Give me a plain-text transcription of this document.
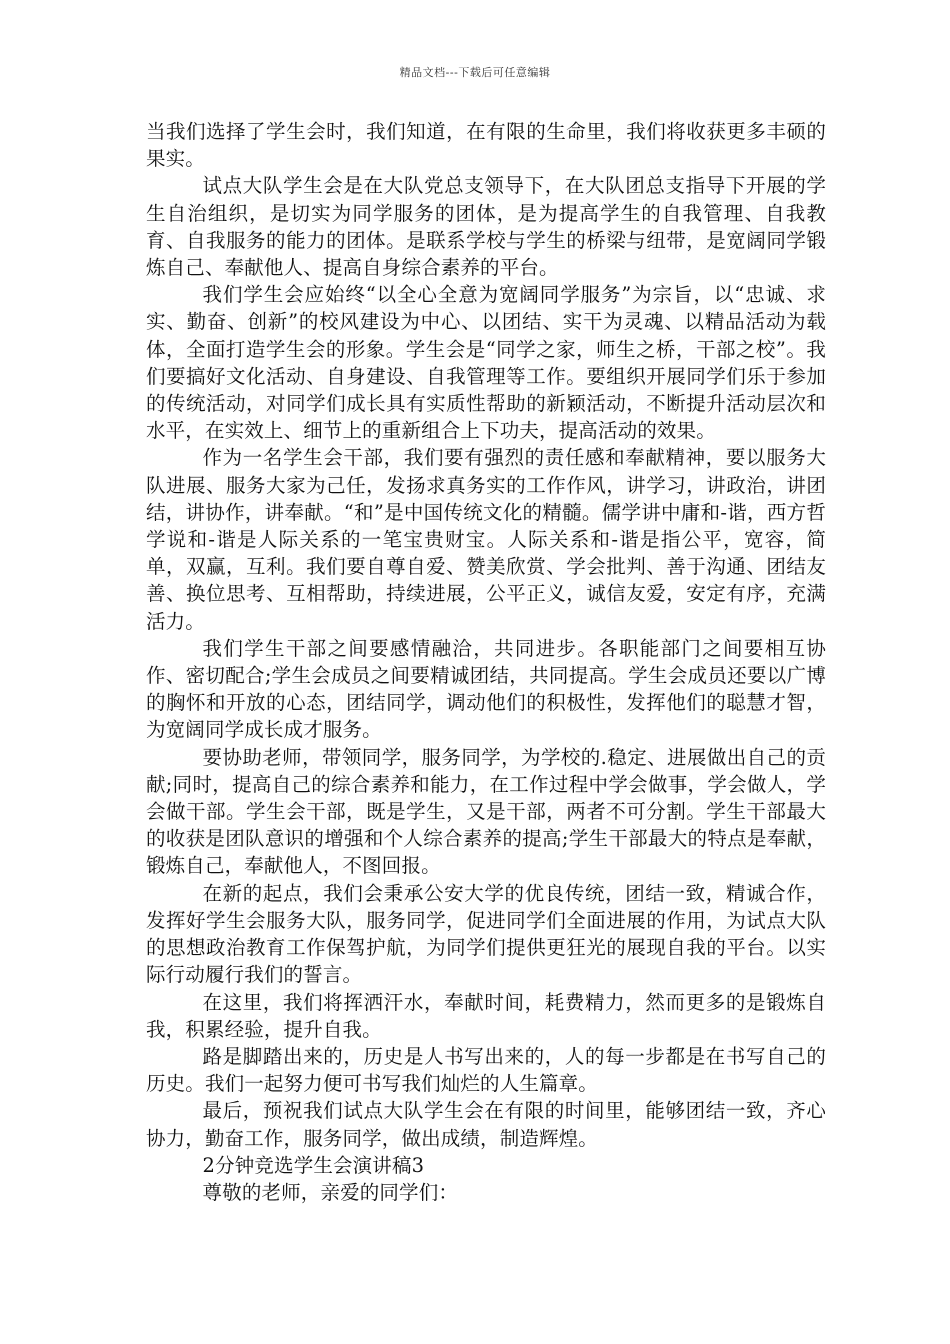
精品文档---下载后可任意编辑

当我们选择了学生会时，我们知道，在有限的生命里，我们将收获更多丰硕的果实。

试点大队学生会是在大队党总支领导下，在大队团总支指导下开展的学生自治组织，是切实为同学服务的团体，是为提高学生的自我管理、自我教育、自我服务的能力的团体。是联系学校与学生的桥梁与纽带，是宽阔同学锻炼自己、奉献他人、提高自身综合素养的平台。

我们学生会应始终“以全心全意为宽阔同学服务”为宗旨，以“忠诚、求实、勤奋、创新”的校风建设为中心、以团结、实干为灵魂、以精品活动为载体，全面打造学生会的形象。学生会是“同学之家，师生之桥，干部之校”。我们要搞好文化活动、自身建设、自我管理等工作。要组织开展同学们乐于参加的传统活动，对同学们成长具有实质性帮助的新颖活动，不断提升活动层次和水平，在实效上、细节上的重新组合上下功夫，提高活动的效果。

作为一名学生会干部，我们要有强烈的责任感和奉献精神，要以服务大队进展、服务大家为己任，发扬求真务实的工作作风，讲学习，讲政治，讲团结，讲协作，讲奉献。“和”是中国传统文化的精髓。儒学讲中庸和-谐，西方哲学说和-谐是人际关系的一笔宝贵财宝。人际关系和-谐是指公平，宽容，简单，双赢，互利。我们要自尊自爱、赞美欣赏、学会批判、善于沟通、团结友善、换位思考、互相帮助，持续进展，公平正义，诚信友爱，安定有序，充满活力。

我们学生干部之间要感情融洽，共同进步。各职能部门之间要相互协作、密切配合;学生会成员之间要精诚团结，共同提高。学生会成员还要以广博的胸怀和开放的心态，团结同学，调动他们的积极性，发挥他们的聪慧才智，为宽阔同学成长成才服务。

要协助老师，带领同学，服务同学，为学校的.稳定、进展做出自己的贡献;同时，提高自己的综合素养和能力，在工作过程中学会做事，学会做人，学会做干部。学生会干部，既是学生，又是干部，两者不可分割。学生干部最大的收获是团队意识的增强和个人综合素养的提高;学生干部最大的特点是奉献，锻炼自己，奉献他人，不图回报。

在新的起点，我们会秉承公安大学的优良传统，团结一致，精诚合作，发挥好学生会服务大队，服务同学，促进同学们全面进展的作用，为试点大队的思想政治教育工作保驾护航，为同学们提供更狂光的展现自我的平台。以实际行动履行我们的誓言。

在这里，我们将挥洒汗水，奉献时间，耗费精力，然而更多的是锻炼自我，积累经验，提升自我。

路是脚踏出来的，历史是人书写出来的，人的每一步都是在书写自己的历史。我们一起努力便可书写我们灿烂的人生篇章。

最后，预祝我们试点大队学生会在有限的时间里，能够团结一致，齐心协力，勤奋工作，服务同学，做出成绩，制造辉煌。

2分钟竞选学生会演讲稿3

尊敬的老师，亲爱的同学们：
